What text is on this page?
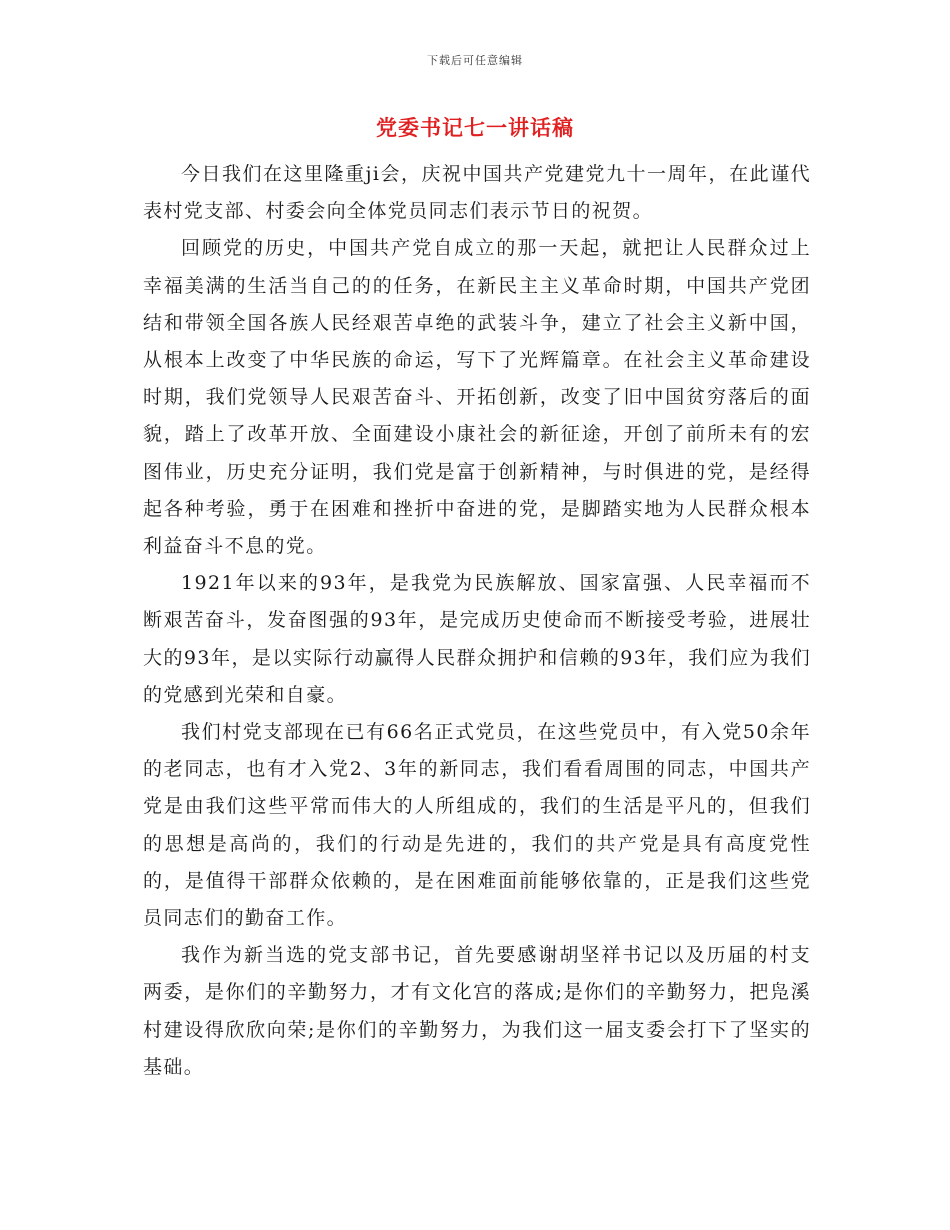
下载后可任意编辑
党委书记七一讲话稿

今日我们在这里隆重ji会，庆祝中国共产党建党九十一周年，在此谨代表村党支部、村委会向全体党员同志们表示节日的祝贺。

回顾党的历史，中国共产党自成立的那一天起，就把让人民群众过上幸福美满的生活当自己的的任务，在新民主主义革命时期，中国共产党团结和带领全国各族人民经艰苦卓绝的武装斗争，建立了社会主义新中国，从根本上改变了中华民族的命运，写下了光辉篇章。在社会主义革命建设时期，我们党领导人民艰苦奋斗、开拓创新，改变了旧中国贫穷落后的面貌，踏上了改革开放、全面建设小康社会的新征途，开创了前所未有的宏图伟业，历史充分证明，我们党是富于创新精神，与时俱进的党，是经得起各种考验，勇于在困难和挫折中奋进的党，是脚踏实地为人民群众根本利益奋斗不息的党。

1921年以来的93年，是我党为民族解放、国家富强、人民幸福而不断艰苦奋斗，发奋图强的93年，是完成历史使命而不断接受考验，进展壮大的93年，是以实际行动赢得人民群众拥护和信赖的93年，我们应为我们的党感到光荣和自豪。

我们村党支部现在已有66名正式党员，在这些党员中，有入党50余年的老同志，也有才入党2、3年的新同志，我们看看周围的同志，中国共产党是由我们这些平常而伟大的人所组成的，我们的生活是平凡的，但我们的思想是高尚的，我们的行动是先进的，我们的共产党是具有高度党性的，是值得干部群众依赖的，是在困难面前能够依靠的，正是我们这些党员同志们的勤奋工作。

我作为新当选的党支部书记，首先要感谢胡坚祥书记以及历届的村支两委，是你们的辛勤努力，才有文化宫的落成;是你们的辛勤努力，把凫溪村建设得欣欣向荣;是你们的辛勤努力，为我们这一届支委会打下了坚实的基础。
